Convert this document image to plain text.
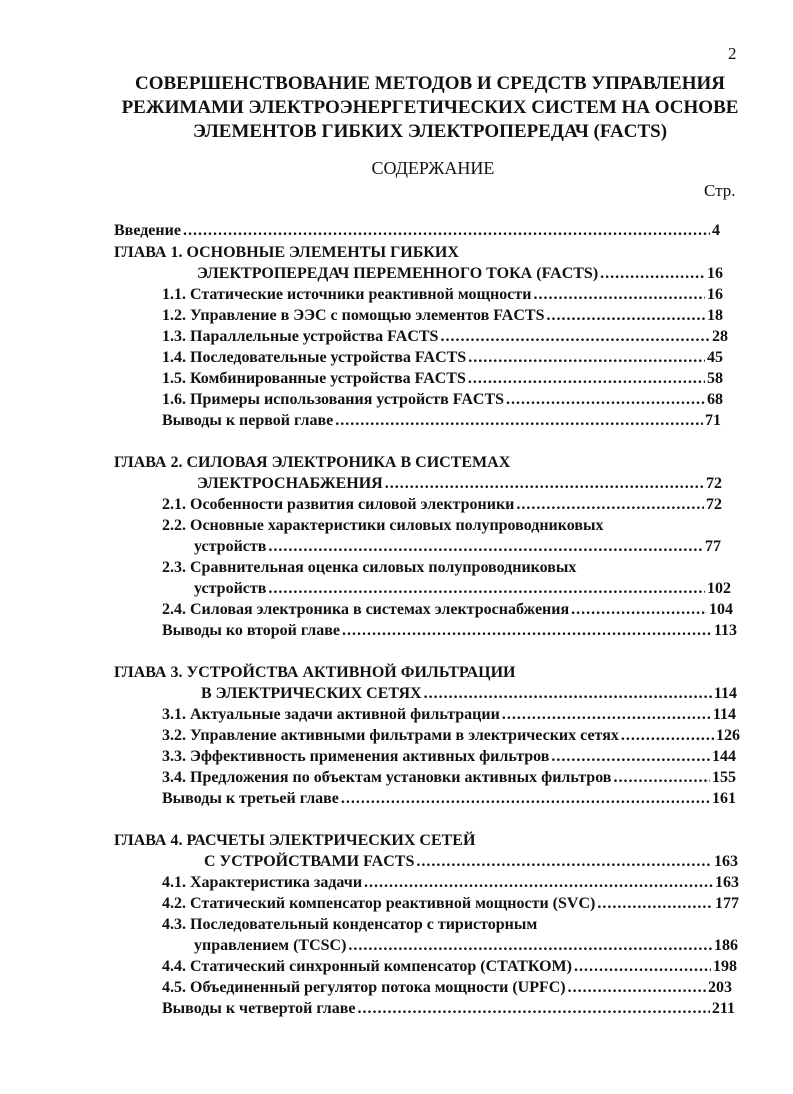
2
СОВЕРШЕНСТВОВАНИЕ МЕТОДОВ И СРЕДСТВ УПРАВЛЕНИЯ
РЕЖИМАМИ ЭЛЕКТРОЭНЕРГЕТИЧЕСКИХ СИСТЕМ НА ОСНОВЕ
ЭЛЕМЕНТОВ ГИБКИХ ЭЛЕКТРОПЕРЕДАЧ (FACTS)
СОДЕРЖАНИЕ
Стр.
Введение	4
.....
ГЛАВА 1. ОСНОВНЫЕ ЭЛЕМЕНТЫ ГИБКИХ
ЭЛЕКТРОПЕРЕДАЧ ПЕРЕМЕННОГО ТОКА (FACTS)	16
.....
1.1. Статические источники реактивной мощности	16
.....
1.2. Управление в ЭЭС с помощью элементов FACTS	18
.....
1.3. Параллельные устройства FACTS	28
.....
1.4. Последовательные устройства FACTS	45
.....
1.5. Комбинированные устройства FACTS	58
.....
1.6. Примеры использования устройств FACTS	68
.....
Выводы к первой главе	71
.....
ГЛАВА 2. СИЛОВАЯ ЭЛЕКТРОНИКА В СИСТЕМАХ
ЭЛЕКТРОСНАБЖЕНИЯ	72
.....
2.1. Особенности развития силовой электроники	72
.....
2.2. Основные характеристики силовых полупроводниковых
устройств	77
.....
2.3. Сравнительная оценка силовых полупроводниковых
устройств	102
.....
2.4. Силовая электроника в системах электроснабжения	104
.....
Выводы ко второй главе	113
.....
ГЛАВА 3. УСТРОЙСТВА АКТИВНОЙ ФИЛЬТРАЦИИ
В ЭЛЕКТРИЧЕСКИХ СЕТЯХ	114
.....
3.1. Актуальные задачи активной фильтрации	114
.....
3.2. Управление активными фильтрами в электрических сетях	126
.....
3.3. Эффективность применения активных фильтров	144
.....
3.4. Предложения по объектам установки активных фильтров	155
.....
Выводы к третьей главе	161
.....
ГЛАВА 4. РАСЧЕТЫ ЭЛЕКТРИЧЕСКИХ СЕТЕЙ
С УСТРОЙСТВАМИ FACTS	163
.....
4.1. Характеристика задачи	163
.....
4.2. Статический компенсатор реактивной мощности (SVC)	177
.....
4.3. Последовательный конденсатор с тиристорным
управлением (TCSC)	186
.....
4.4. Статический синхронный компенсатор (СТАТКОМ)	198
.....
4.5. Объединенный регулятор потока мощности (UPFC)	203
.....
Выводы к четвертой главе	211
.....
